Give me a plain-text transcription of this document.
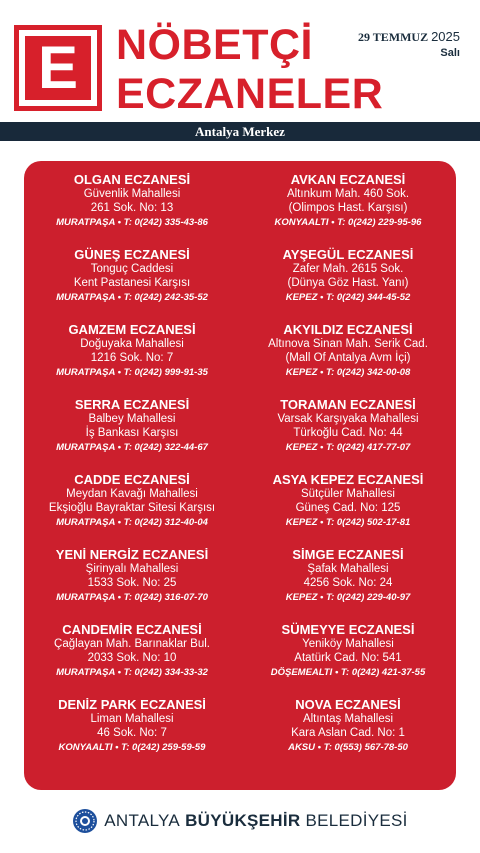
E NÖBETÇİ
ECZANELER
29 TEMMUZ 2025
Salı
Antalya Merkez
OLGAN ECZANESİ
Güvenlik Mahallesi
261 Sok. No: 13
MURATPAŞA • T: 0(242) 335-43-86
GÜNEŞ ECZANESİ
Tonguç Caddesi
Kent Pastanesi Karşısı
MURATPAŞA • T: 0(242) 242-35-52
GAMZEM ECZANESİ
Doğuyaka Mahallesi
1216 Sok. No: 7
MURATPAŞA • T: 0(242) 999-91-35
SERRA ECZANESİ
Balbey Mahallesi
İş Bankası Karşısı
MURATPAŞA • T: 0(242) 322-44-67
CADDE ECZANESİ
Meydan Kavağı Mahallesi
Ekşioğlu Bayraktar Sitesi Karşısı
MURATPAŞA • T: 0(242) 312-40-04
YENİ NERGİZ ECZANESİ
Şirinyalı Mahallesi
1533 Sok. No: 25
MURATPAŞA • T: 0(242) 316-07-70
CANDEMİR ECZANESİ
Çağlayan Mah. Barınaklar Bul.
2033 Sok. No: 10
MURATPAŞA • T: 0(242) 334-33-32
DENİZ PARK ECZANESİ
Liman Mahallesi
46 Sok. No: 7
KONYAALTI • T: 0(242) 259-59-59
AVKAN ECZANESİ
Altınkum Mah. 460 Sok.
(Olimpos Hast. Karşısı)
KONYAALTI • T: 0(242) 229-95-96
AYŞEGÜL ECZANESİ
Zafer Mah. 2615 Sok.
(Dünya Göz Hast. Yanı)
KEPEZ • T: 0(242) 344-45-52
AKYILDIZ ECZANESİ
Altınova Sinan Mah. Serik Cad.
(Mall Of Antalya Avm İçi)
KEPEZ • T: 0(242) 342-00-08
TORAMAN ECZANESİ
Varsak Karşıyaka Mahallesi
Türkoğlu Cad. No: 44
KEPEZ • T: 0(242) 417-77-07
ASYA KEPEZ ECZANESİ
Sütçüler Mahallesi
Güneş Cad. No: 125
KEPEZ • T: 0(242) 502-17-81
SİMGE ECZANESİ
Şafak Mahallesi
4256 Sok. No: 24
KEPEZ • T: 0(242) 229-40-97
SÜMEYYE ECZANESİ
Yeniköy Mahallesi
Atatürk Cad. No: 541
DÖŞEMEALTI • T: 0(242) 421-37-55
NOVA ECZANESİ
Altıntaş Mahallesi
Kara Aslan Cad. No: 1
AKSU • T: 0(553) 567-78-50
ANTALYA BÜYÜKŞEHİR BELEDİYESİ
